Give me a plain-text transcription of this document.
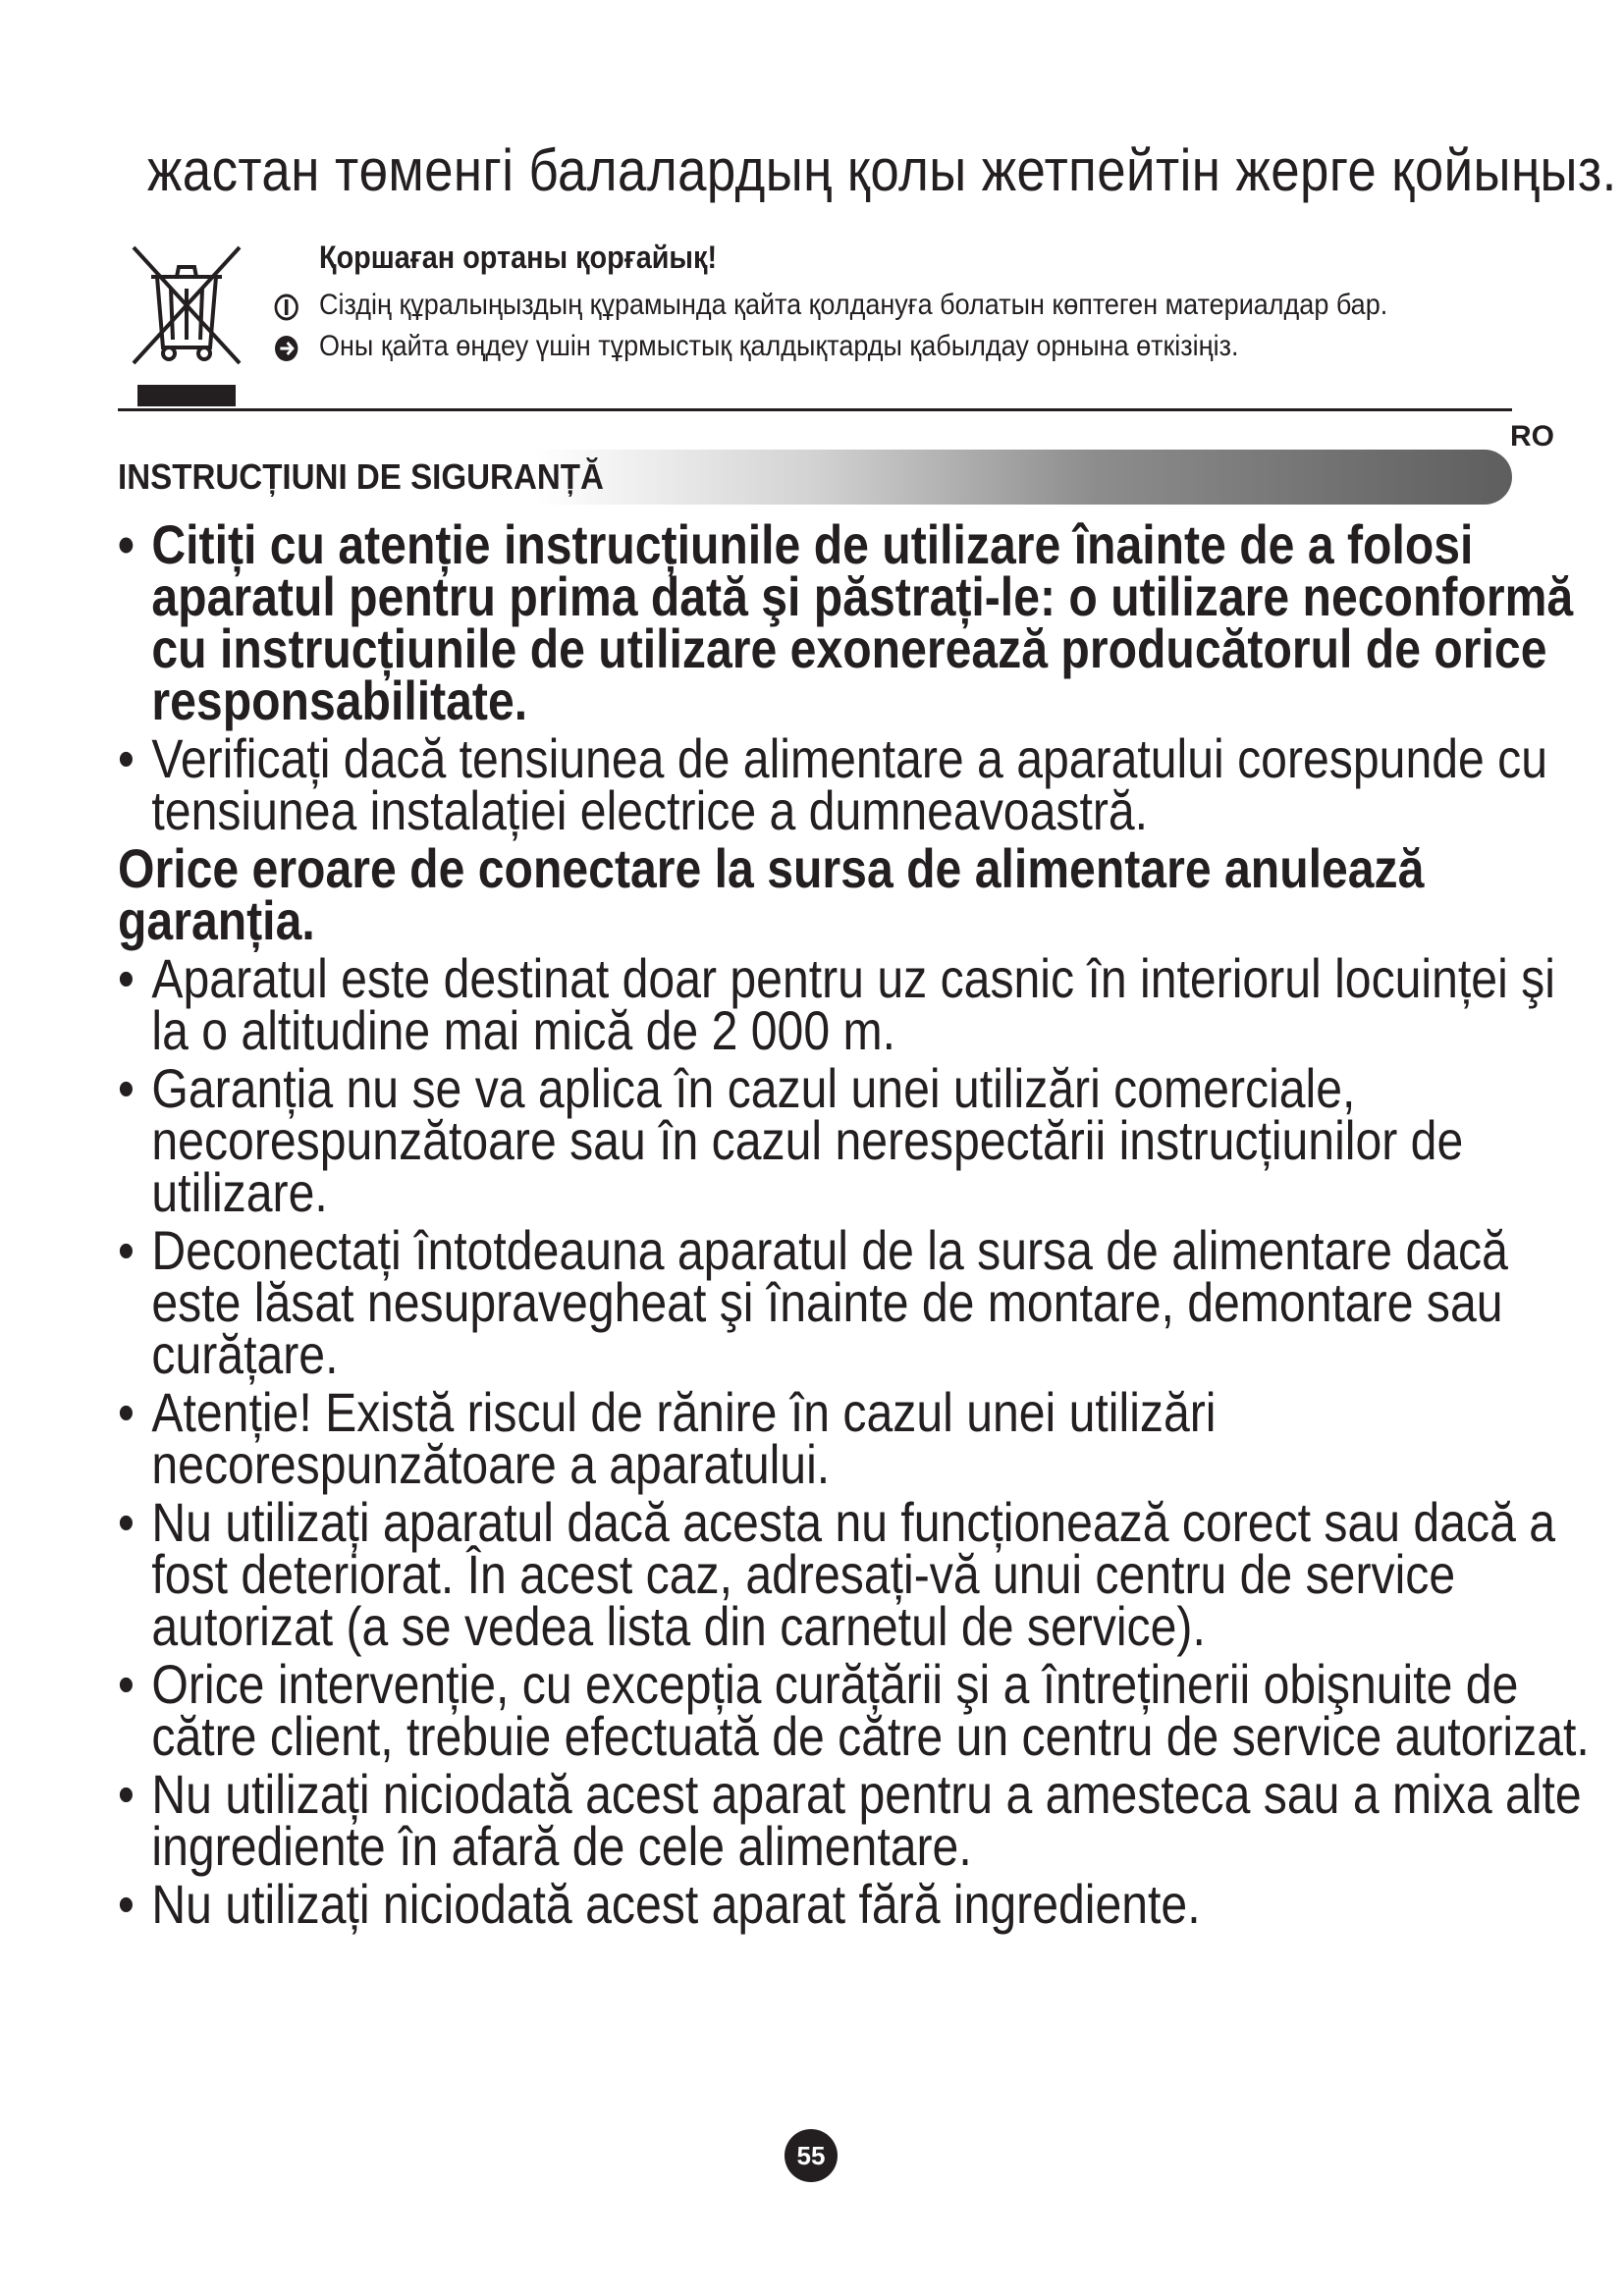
жастан төменгі балалардың қолы жетпейтін жерге қойыңыз.
Қоршаған ортаны қорғайық!
Сіздің құралыңыздың құрамында қайта қолдануға болатын көптеген материалдар бар.
Оны қайта өңдеу үшін тұрмыстық қалдықтарды қабылдау орнына өткізіңіз.
RO
INSTRUCȚIUNI DE SIGURANȚĂ
• Citiți cu atenție instrucțiunile de utilizare înainte de a folosi aparatul pentru prima dată şi păstrați-le: o utilizare neconformă cu instrucțiunile de utilizare exonerează producătorul de orice responsabilitate.
• Verificați dacă tensiunea de alimentare a aparatului corespunde cu tensiunea instalației electrice a dumneavoastră.
Orice eroare de conectare la sursa de alimentare anulează garanția.
• Aparatul este destinat doar pentru uz casnic în interiorul locuinței şi la o altitudine mai mică de 2 000 m.
• Garanția nu se va aplica în cazul unei utilizări comerciale, necorespunzătoare sau în cazul nerespectării instrucțiunilor de utilizare.
• Deconectați întotdeauna aparatul de la sursa de alimentare dacă este lăsat nesupravegheat şi înainte de montare, demontare sau curățare.
• Atenție! Există riscul de rănire în cazul unei utilizări necorespunzătoare a aparatului.
• Nu utilizați aparatul dacă acesta nu funcționează corect sau dacă a fost deteriorat. În acest caz, adresați-vă unui centru de service autorizat (a se vedea lista din carnetul de service).
• Orice intervenție, cu excepția curățării şi a întreținerii obişnuite de către client, trebuie efectuată de către un centru de service autorizat.
• Nu utilizați niciodată acest aparat pentru a amesteca sau a mixa alte ingrediente în afară de cele alimentare.
• Nu utilizați niciodată acest aparat fără ingrediente.
55
